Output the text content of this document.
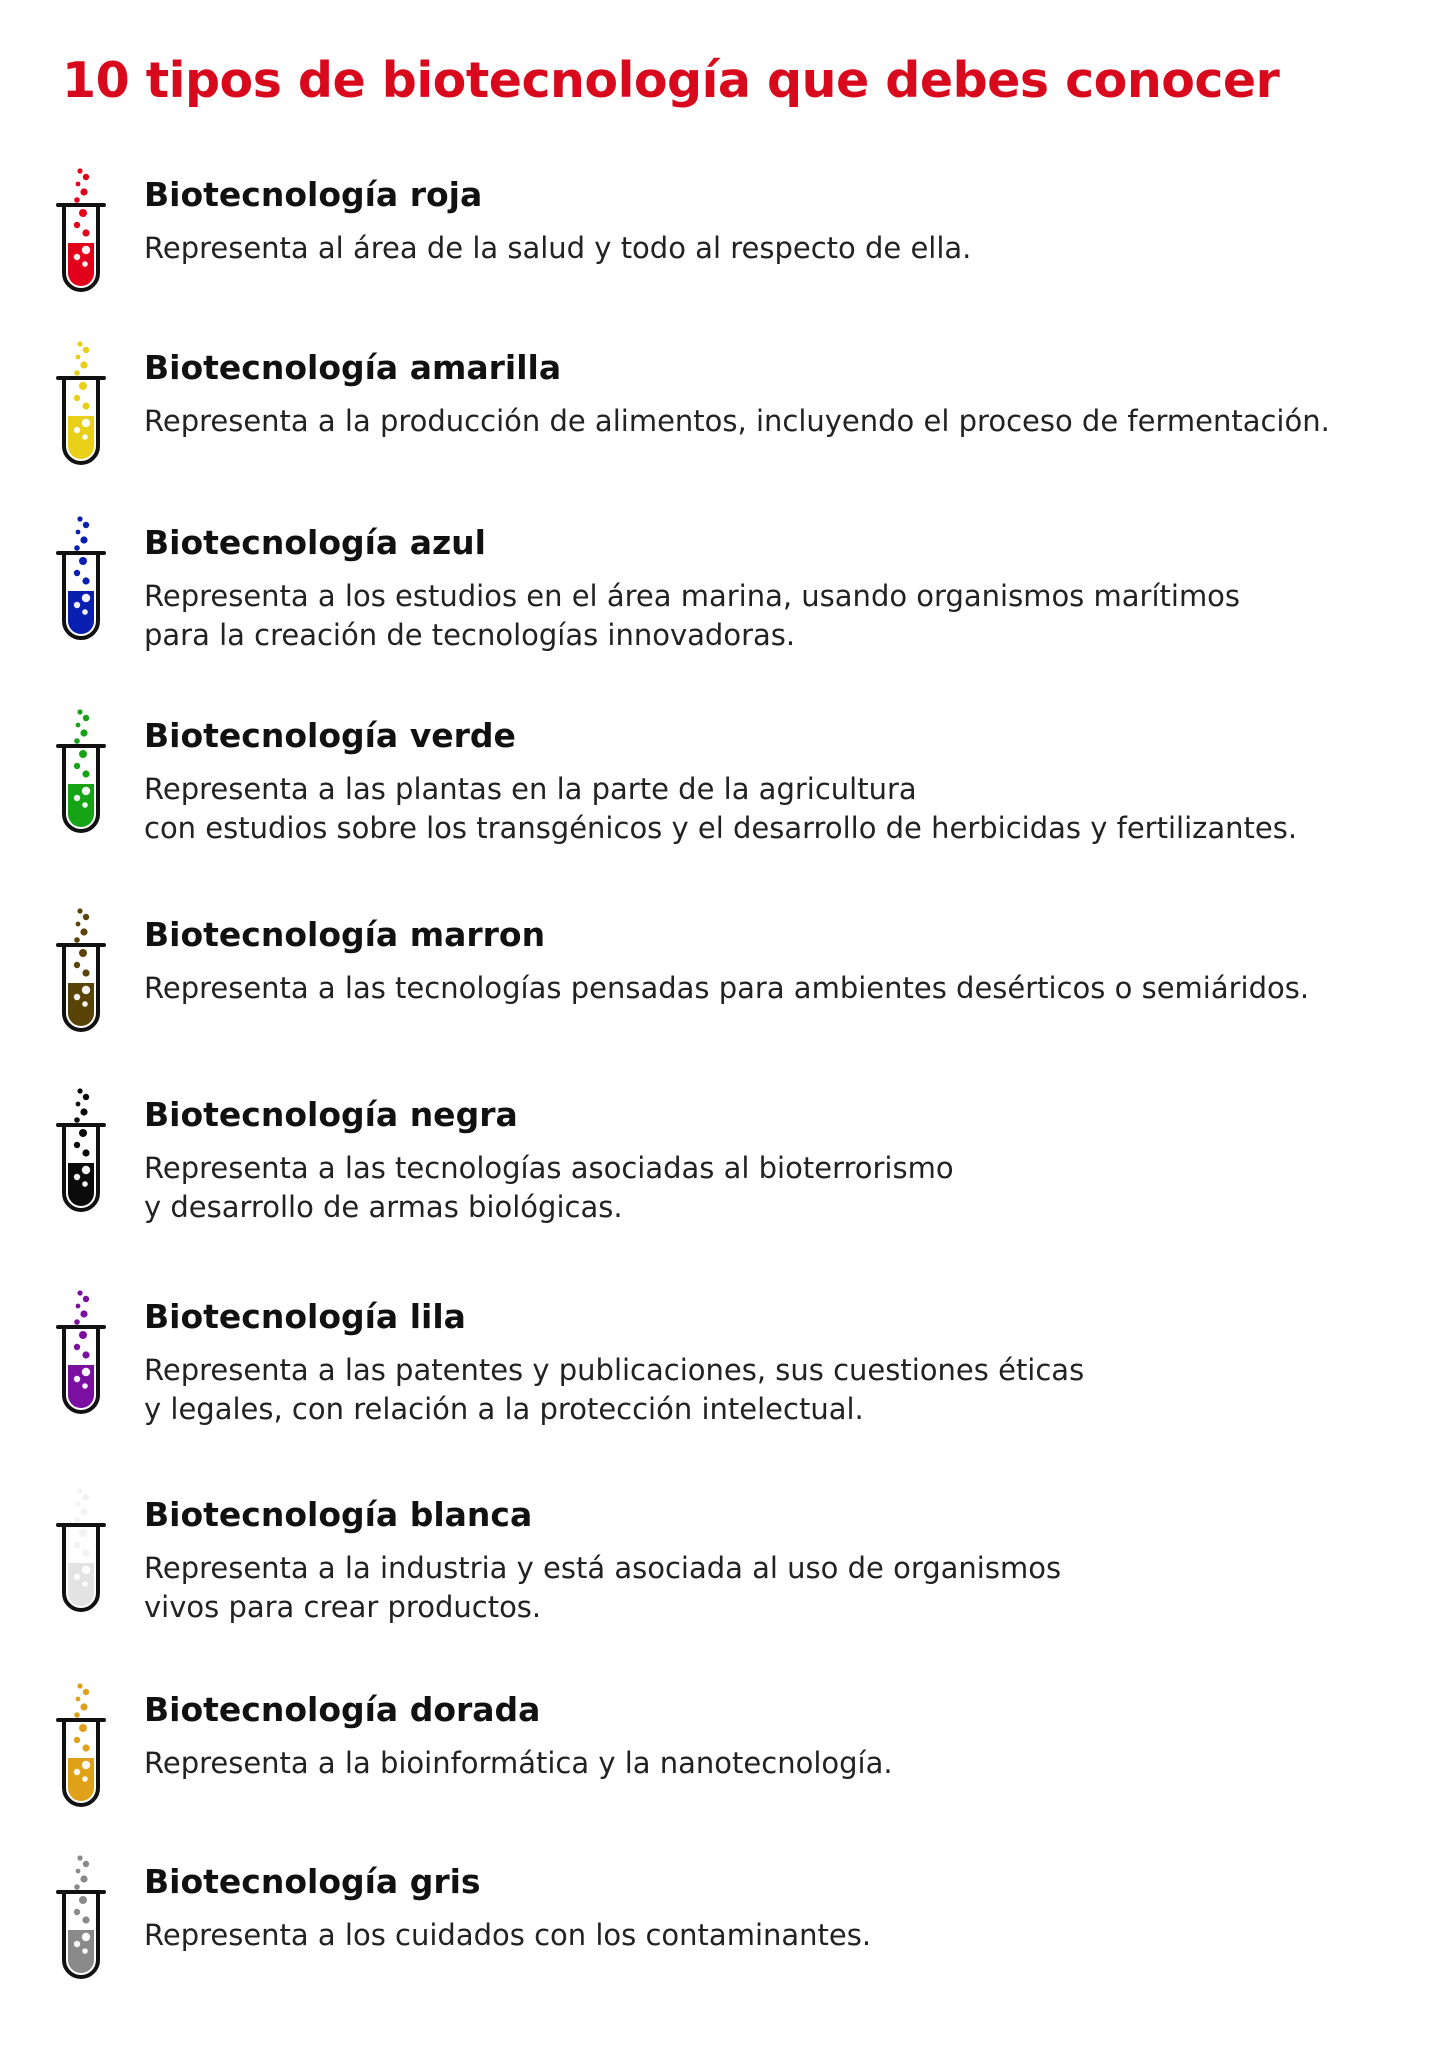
10 tipos de biotecnología que debes conocer

Biotecnología roja

Representa al área de la salud y todo al respecto de ella.

Biotecnología amarilla

Representa a la producción de alimentos, incluyendo el proceso de fermentación.

Biotecnología azul

Representa a los estudios en el área marina, usando organismos marítimos
para la creación de tecnologías innovadoras.

Biotecnología verde

Representa a las plantas en la parte de la agricultura
con estudios sobre los transgénicos y el desarrollo de herbicidas y fertilizantes.

Biotecnología marron

Representa a las tecnologías pensadas para ambientes desérticos o semiáridos.

Biotecnología negra

Representa a las tecnologías asociadas al bioterrorismo
y desarrollo de armas biológicas.

Biotecnología lila

Representa a las patentes y publicaciones, sus cuestiones éticas
y legales, con relación a la protección intelectual.

Biotecnología blanca

Representa a la industria y está asociada al uso de organismos
vivos para crear productos.

Biotecnología dorada

Representa a la bioinformática y la nanotecnología.

Biotecnología gris

Representa a los cuidados con los contaminantes.
